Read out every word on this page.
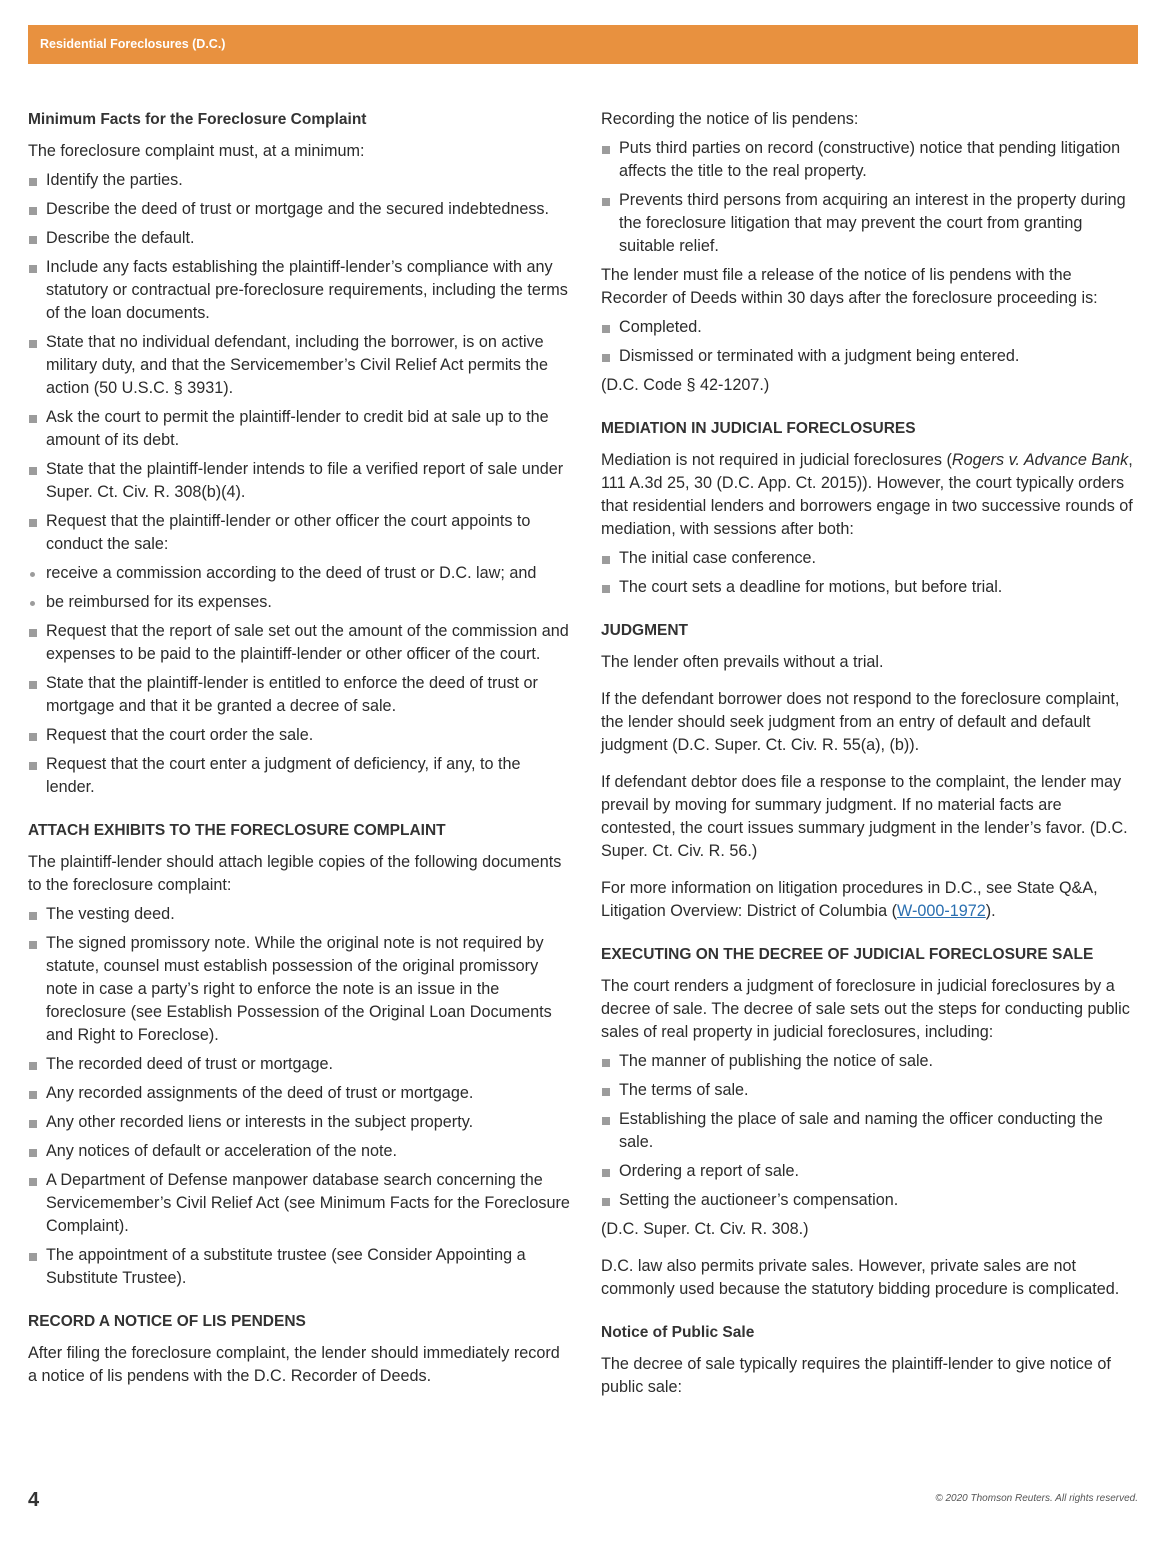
Residential Foreclosures (D.C.)
Minimum Facts for the Foreclosure Complaint

The foreclosure complaint must, at a minimum:

Identify the parties.
Describe the deed of trust or mortgage and the secured indebtedness.
Describe the default.
Include any facts establishing the plaintiff-lender’s compliance with any statutory or contractual pre-foreclosure requirements, including the terms of the loan documents.
State that no individual defendant, including the borrower, is on active military duty, and that the Servicemember’s Civil Relief Act permits the action (50 U.S.C. § 3931).
Ask the court to permit the plaintiff-lender to credit bid at sale up to the amount of its debt.
State that the plaintiff-lender intends to file a verified report of sale under Super. Ct. Civ. R. 308(b)(4).
Request that the plaintiff-lender or other officer the court appoints to conduct the sale:
receive a commission according to the deed of trust or D.C. law; and
be reimbursed for its expenses.
Request that the report of sale set out the amount of the commission and expenses to be paid to the plaintiff-lender or other officer of the court.
State that the plaintiff-lender is entitled to enforce the deed of trust or mortgage and that it be granted a decree of sale.
Request that the court order the sale.
Request that the court enter a judgment of deficiency, if any, to the lender.
ATTACH EXHIBITS TO THE FORECLOSURE COMPLAINT

The plaintiff-lender should attach legible copies of the following documents to the foreclosure complaint:

The vesting deed.
The signed promissory note. While the original note is not required by statute, counsel must establish possession of the original promissory note in case a party’s right to enforce the note is an issue in the foreclosure (see Establish Possession of the Original Loan Documents and Right to Foreclose).
The recorded deed of trust or mortgage.
Any recorded assignments of the deed of trust or mortgage.
Any other recorded liens or interests in the subject property.
Any notices of default or acceleration of the note.
A Department of Defense manpower database search concerning the Servicemember’s Civil Relief Act (see Minimum Facts for the Foreclosure Complaint).
The appointment of a substitute trustee (see Consider Appointing a Substitute Trustee).
RECORD A NOTICE OF LIS PENDENS

After filing the foreclosure complaint, the lender should immediately record a notice of lis pendens with the D.C. Recorder of Deeds.

Recording the notice of lis pendens:

Puts third parties on record (constructive) notice that pending litigation affects the title to the real property.
Prevents third persons from acquiring an interest in the property during the foreclosure litigation that may prevent the court from granting suitable relief.

The lender must file a release of the notice of lis pendens with the Recorder of Deeds within 30 days after the foreclosure proceeding is:

Completed.
Dismissed or terminated with a judgment being entered.

(D.C. Code § 42-1207.)

MEDIATION IN JUDICIAL FORECLOSURES

Mediation is not required in judicial foreclosures (Rogers v. Advance Bank, 111 A.3d 25, 30 (D.C. App. Ct. 2015)). However, the court typically orders that residential lenders and borrowers engage in two successive rounds of mediation, with sessions after both:

The initial case conference.
The court sets a deadline for motions, but before trial.
JUDGMENT

The lender often prevails without a trial.

If the defendant borrower does not respond to the foreclosure complaint, the lender should seek judgment from an entry of default and default judgment (D.C. Super. Ct. Civ. R. 55(a), (b)).

If defendant debtor does file a response to the complaint, the lender may prevail by moving for summary judgment. If no material facts are contested, the court issues summary judgment in the lender’s favor. (D.C. Super. Ct. Civ. R. 56.)

For more information on litigation procedures in D.C., see State Q&A, Litigation Overview: District of Columbia (W-000-1972).

EXECUTING ON THE DECREE OF JUDICIAL FORECLOSURE SALE

The court renders a judgment of foreclosure in judicial foreclosures by a decree of sale. The decree of sale sets out the steps for conducting public sales of real property in judicial foreclosures, including:

The manner of publishing the notice of sale.
The terms of sale.
Establishing the place of sale and naming the officer conducting the sale.
Ordering a report of sale.
Setting the auctioneer’s compensation.

(D.C. Super. Ct. Civ. R. 308.)

D.C. law also permits private sales. However, private sales are not commonly used because the statutory bidding procedure is complicated.

Notice of Public Sale

The decree of sale typically requires the plaintiff-lender to give notice of public sale:

4	© 2020 Thomson Reuters. All rights reserved.
